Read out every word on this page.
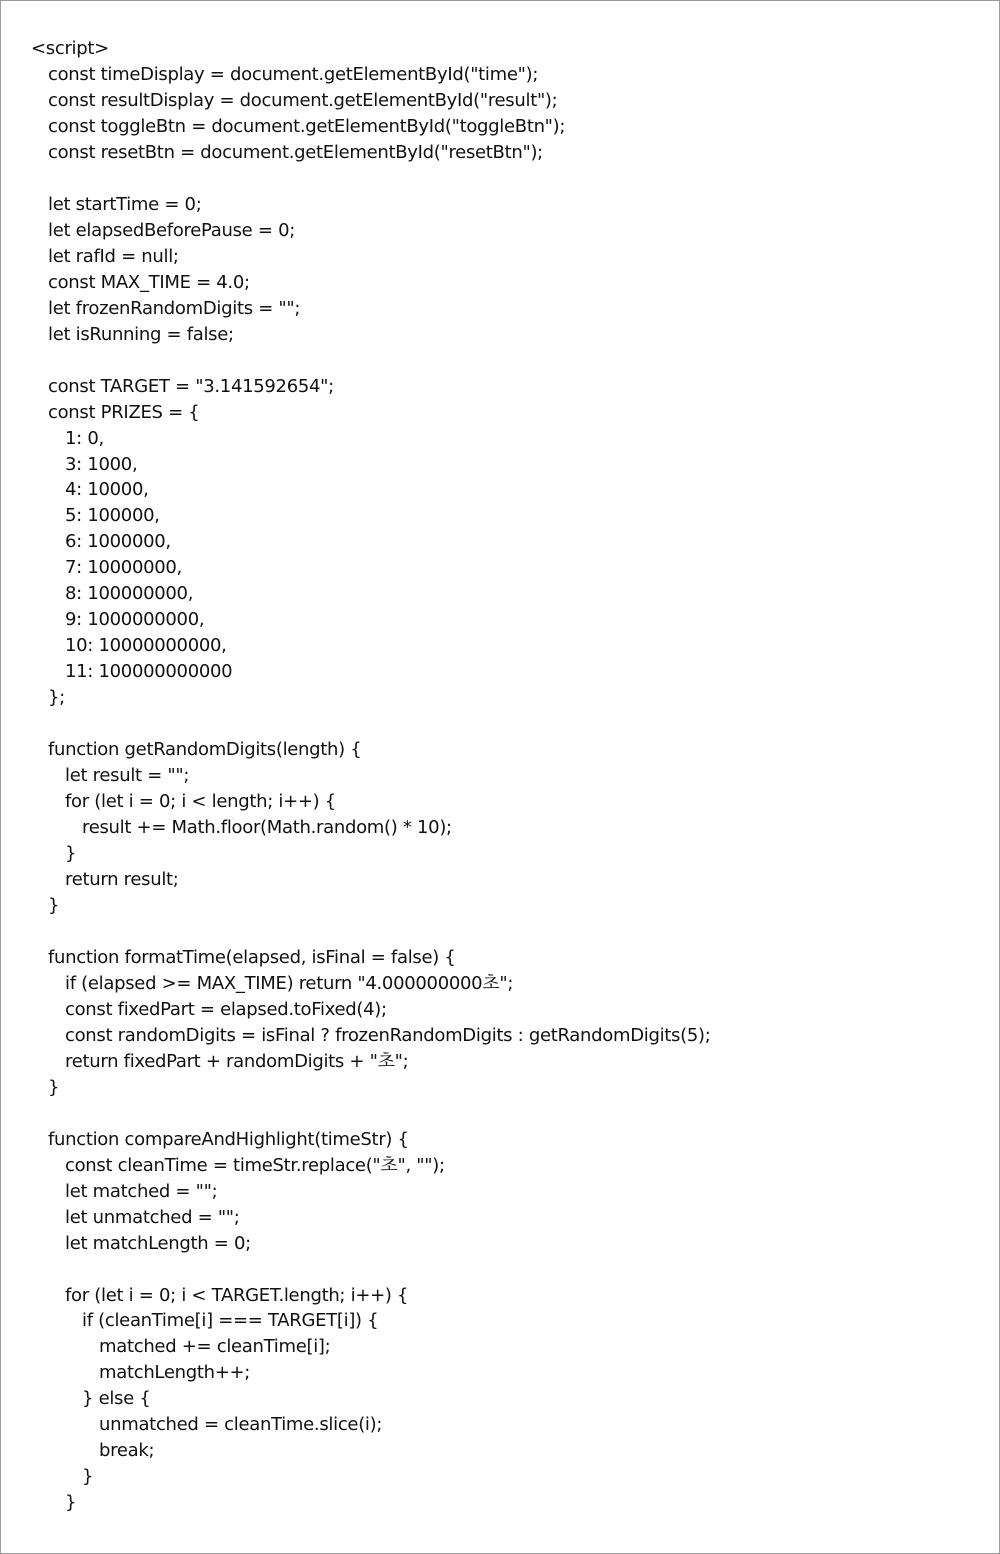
<script>
const timeDisplay = document.getElementById("time");
const resultDisplay = document.getElementById("result");
const toggleBtn = document.getElementById("toggleBtn");
const resetBtn = document.getElementById("resetBtn");
let startTime = 0;
let elapsedBeforePause = 0;
let rafId = null;
const MAX_TIME = 4.0;
let frozenRandomDigits = "";
let isRunning = false;
const TARGET = "3.141592654";
const PRIZES = {
1: 0,
3: 1000,
4: 10000,
5: 100000,
6: 1000000,
7: 10000000,
8: 100000000,
9: 1000000000,
10: 10000000000,
11: 100000000000
};
function getRandomDigits(length) {
let result = "";
for (let i = 0; i < length; i++) {
result += Math.floor(Math.random() * 10);
}
return result;
}
function formatTime(elapsed, isFinal = false) {
if (elapsed >= MAX_TIME) return "4.000000000초";
const fixedPart = elapsed.toFixed(4);
const randomDigits = isFinal ? frozenRandomDigits : getRandomDigits(5);
return fixedPart + randomDigits + "초";
}
function compareAndHighlight(timeStr) {
const cleanTime = timeStr.replace("초", "");
let matched = "";
let unmatched = "";
let matchLength = 0;
for (let i = 0; i < TARGET.length; i++) {
if (cleanTime[i] === TARGET[i]) {
matched += cleanTime[i];
matchLength++;
} else {
unmatched = cleanTime.slice(i);
break;
}
}
